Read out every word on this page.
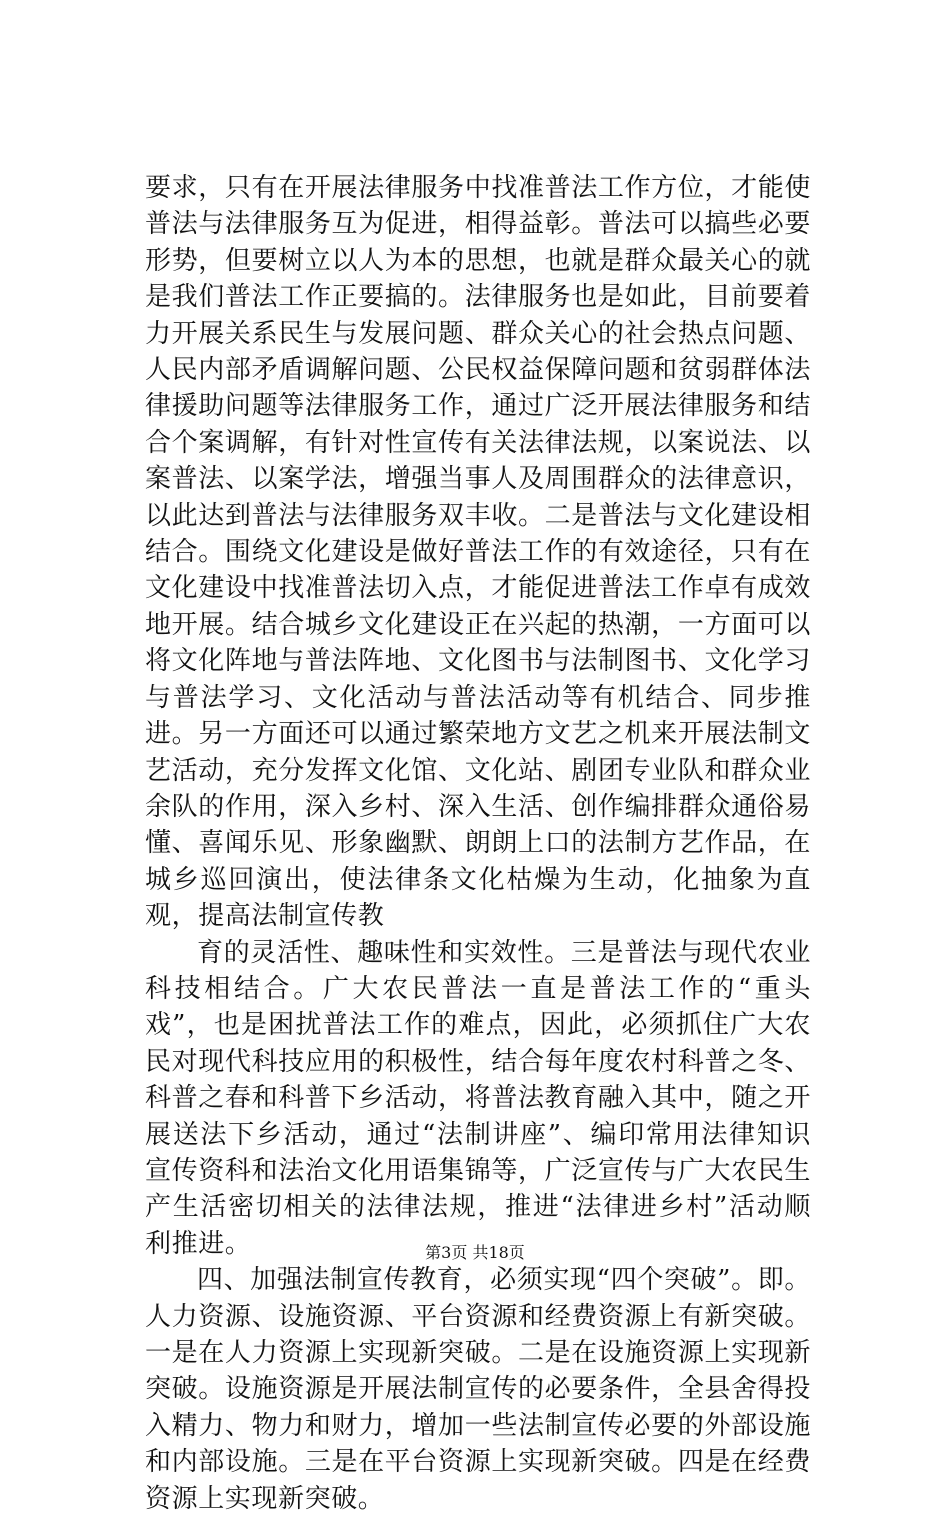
要求，只有在开展法律服务中找准普法工作方位，才能使普法与法律服务互为促进，相得益彰。普法可以搞些必要形势，但要树立以人为本的思想，也就是群众最关心的就是我们普法工作正要搞的。法律服务也是如此，目前要着力开展关系民生与发展问题、群众关心的社会热点问题、人民内部矛盾调解问题、公民权益保障问题和贫弱群体法律援助问题等法律服务工作，通过广泛开展法律服务和结合个案调解，有针对性宣传有关法律法规，以案说法、以案普法、以案学法，增强当事人及周围群众的法律意识，以此达到普法与法律服务双丰收。二是普法与文化建设相结合。围绕文化建设是做好普法工作的有效途径，只有在文化建设中找准普法切入点，才能促进普法工作卓有成效地开展。结合城乡文化建设正在兴起的热潮，一方面可以将文化阵地与普法阵地、文化图书与法制图书、文化学习与普法学习、文化活动与普法活动等有机结合、同步推进。另一方面还可以通过繁荣地方文艺之机来开展法制文艺活动，充分发挥文化馆、文化站、剧团专业队和群众业余队的作用，深入乡村、深入生活、创作编排群众通俗易懂、喜闻乐见、形象幽默、朗朗上口的法制方艺作品，在城乡巡回演出，使法律条文化枯燥为生动，化抽象为直观，提高法制宣传教

育的灵活性、趣味性和实效性。三是普法与现代农业科技相结合。广大农民普法一直是普法工作的“重头戏”，也是困扰普法工作的难点，因此，必须抓住广大农民对现代科技应用的积极性，结合每年度农村科普之冬、科普之春和科普下乡活动，将普法教育融入其中，随之开展送法下乡活动，通过“法制讲座”、编印常用法律知识宣传资科和法治文化用语集锦等，广泛宣传与广大农民生产生活密切相关的法律法规，推进“法律进乡村”活动顺利推进。

四、加强法制宣传教育，必须实现“四个突破”。即。人力资源、设施资源、平台资源和经费资源上有新突破。一是在人力资源上实现新突破。二是在设施资源上实现新突破。设施资源是开展法制宣传的必要条件，全县舍得投入精力、物力和财力，增加一些法制宣传必要的外部设施和内部设施。三是在平台资源上实现新突破。四是在经费资源上实现新突破。

第3页 共18页
